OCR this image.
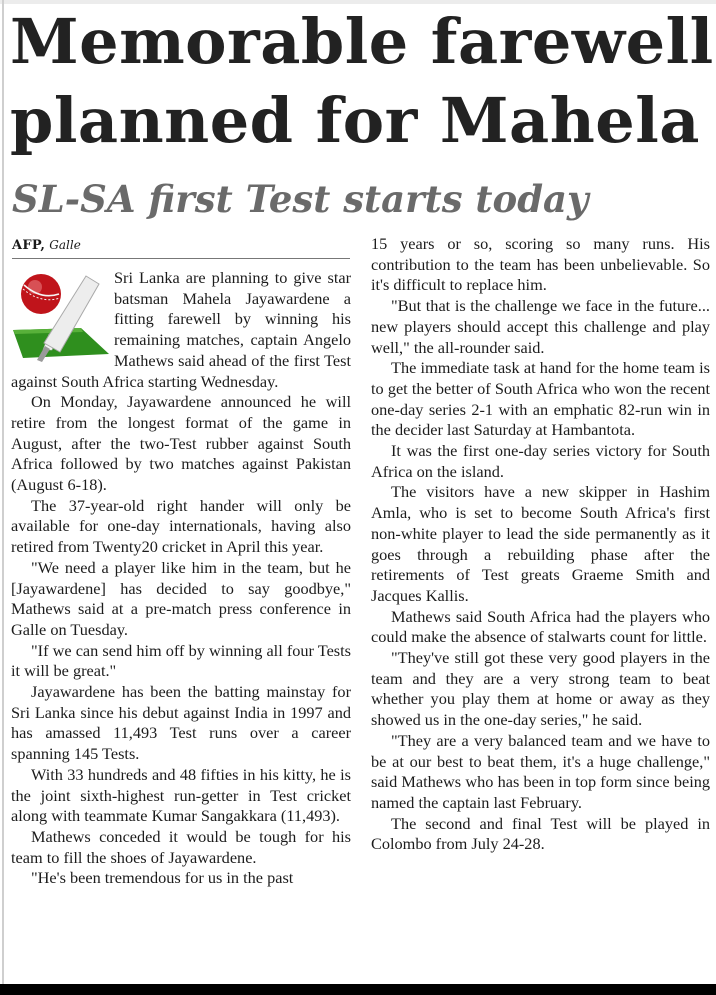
Memorable farewell planned for Mahela
SL-SA first Test starts today
AFP, Galle

Sri Lanka are planning to give star batsman Mahela Jayawardene a fitting farewell by winning his remaining matches, captain Angelo Mathews said ahead of the first Test against South Africa starting Wednesday.

On Monday, Jayawardene announced he will retire from the longest format of the game in August, after the two-Test rubber against South Africa followed by two matches against Pakistan (August 6-18).

The 37-year-old right hander will only be available for one-day internationals, having also retired from Twenty20 cricket in April this year.

"We need a player like him in the team, but he [Jayawardene] has decided to say goodbye," Mathews said at a pre-match press conference in Galle on Tuesday.

"If we can send him off by winning all four Tests it will be great."

Jayawardene has been the batting mainstay for Sri Lanka since his debut against India in 1997 and has amassed 11,493 Test runs over a career spanning 145 Tests.

With 33 hundreds and 48 fifties in his kitty, he is the joint sixth-highest run-getter in Test cricket along with teammate Kumar Sangakkara (11,493).

Mathews conceded it would be tough for his team to fill the shoes of Jayawardene.

"He's been tremendous for us in the past

15 years or so, scoring so many runs. His contribution to the team has been unbelievable. So it's difficult to replace him.

"But that is the challenge we face in the future... new players should accept this challenge and play well," the all-rounder said.

The immediate task at hand for the home team is to get the better of South Africa who won the recent one-day series 2-1 with an emphatic 82-run win in the decider last Saturday at Hambantota.

It was the first one-day series victory for South Africa on the island.

The visitors have a new skipper in Hashim Amla, who is set to become South Africa's first non-white player to lead the side permanently as it goes through a rebuilding phase after the retirements of Test greats Graeme Smith and Jacques Kallis.

Mathews said South Africa had the players who could make the absence of stalwarts count for little.

"They've still got these very good players in the team and they are a very strong team to beat whether you play them at home or away as they showed us in the one-day series," he said.

"They are a very balanced team and we have to be at our best to beat them, it's a huge challenge," said Mathews who has been in top form since being named the captain last February.

The second and final Test will be played in Colombo from July 24-28.
